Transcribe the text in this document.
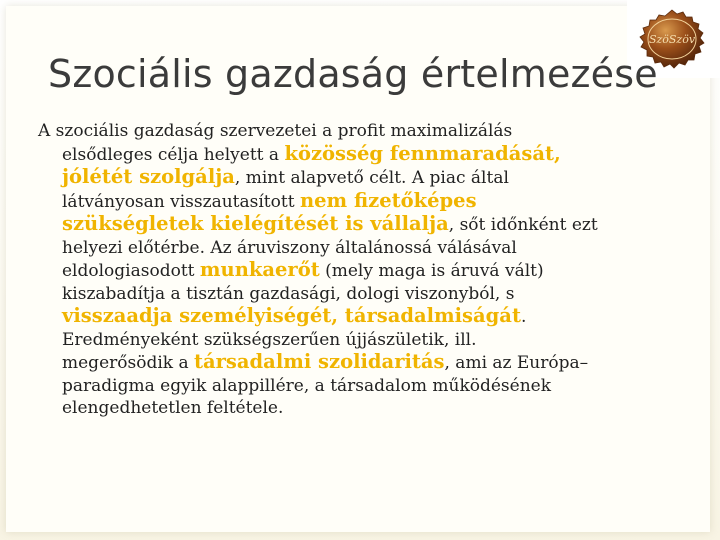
SzöSzöv
Szociális gazdaság értelmezése
A szociális gazdaság szervezetei a profit maximalizálás
elsődleges célja helyett a közösség fennmaradását,
jólétét szolgálja, mint alapvető célt. A piac által
látványosan visszautasított nem fizetőképes
szükségletek kielégítését is vállalja, sőt időnként ezt
helyezi előtérbe. Az áruviszony általánossá válásával
eldologiasodott munkaerőt (mely maga is áruvá vált)
kiszabadítja a tisztán gazdasági, dologi viszonyból, s
visszaadja személyiségét, társadalmiságát.
Eredményeként szükségszerűen újjászületik, ill.
megerősödik a társadalmi szolidaritás, ami az Európa–
paradigma egyik alappillére, a társadalom működésének
elengedhetetlen feltétele.
